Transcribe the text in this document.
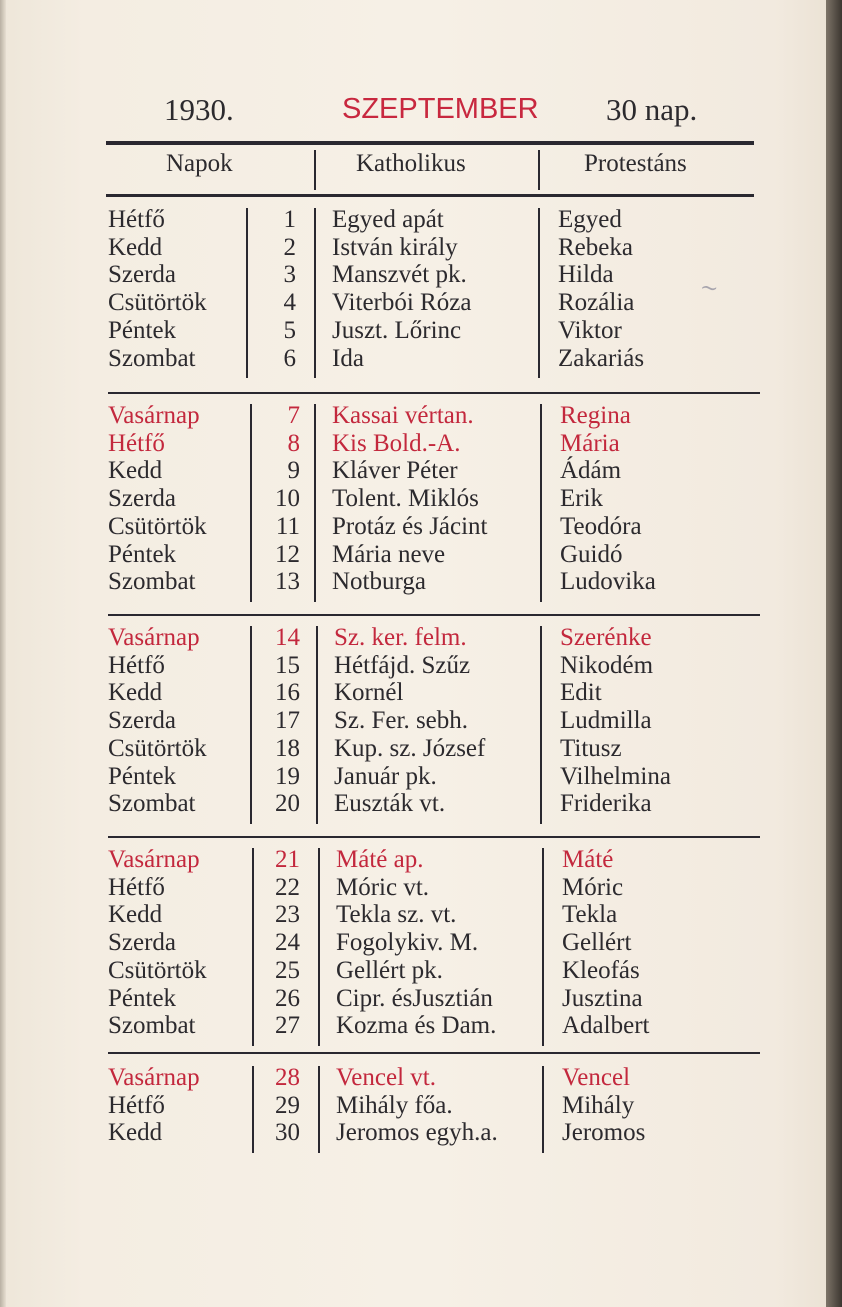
1930.	SZEPTEMBER 30 nap.
Napok	Katholikus	Protestáns
Hétfő	1 Egyed apát	Egyed
Kedd	2 István király	Rebeka
Szerda	3 Manszvét pk.	Hilda
Csütörtök	4 Viterbói Róza	Rozália
Péntek	5 Juszt. Lőrinc	Viktor
Szombat	6 Ida	Zakariás
Vasárnap	7 Kassai vértan.	Regina
Hétfő	8 Kis Bold.-A.	Mária
Kedd	9 Kláver Péter	Ádám
Szerda	10 Tolent. Miklós	Erik
Csütörtök	11 Protáz és Jácint	Teodóra
Péntek	12 Mária neve	Guidó
Szombat	13 Notburga	Ludovika
Vasárnap	14 Sz. ker. felm.	Szerénke
Hétfő	15 Hétfájd. Szűz	Nikodém
Kedd	16 Kornél	Edit
Szerda	17 Sz. Fer. sebh.	Ludmilla
Csütörtök	18 Kup. sz. József	Titusz
Péntek	19 Január pk.	Vilhelmina
Szombat	20 Euszták vt.	Friderika
Vasárnap	21 Máté ap.	Máté
Hétfő	22 Móric vt.	Móric
Kedd	23 Tekla sz. vt.	Tekla
Szerda	24 Fogolykiv. M.	Gellért
Csütörtök	25 Gellért pk.	Kleofás
Péntek	26 Cipr. ésJusztián	Jusztina
Szombat	27 Kozma és Dam.	Adalbert
Vasárnap	28 Vencel vt.	Vencel
Hétfő	29 Mihály főa.	Mihály
Kedd	30 Jeromos egyh.a.	Jeromos
~
